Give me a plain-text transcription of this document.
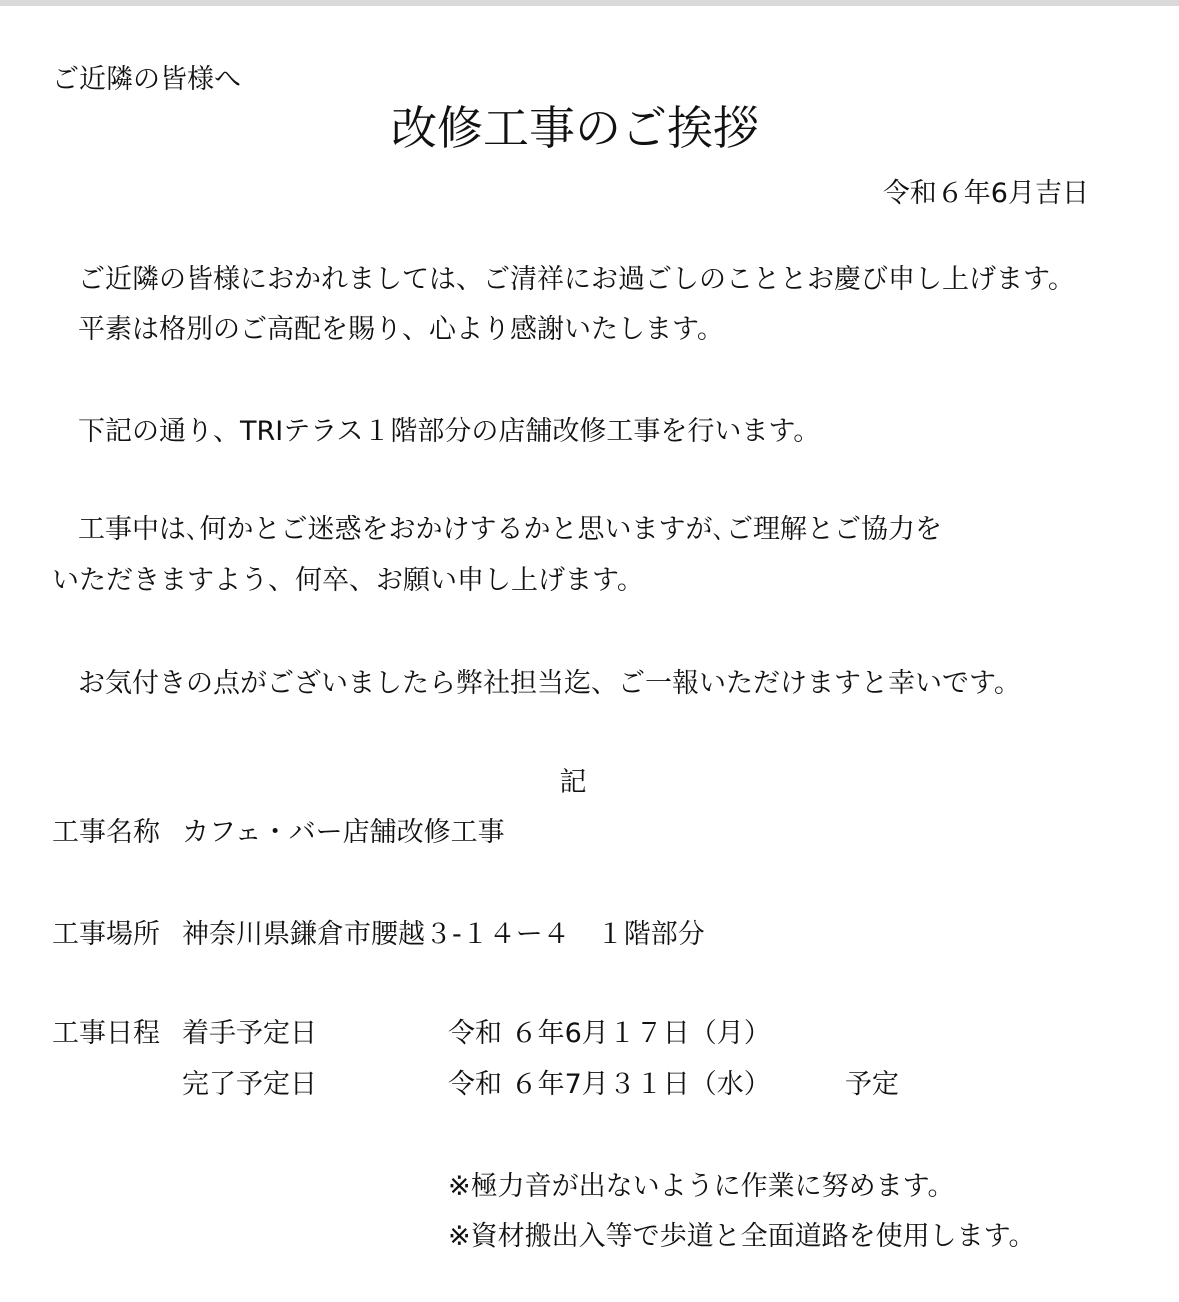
ご近隣の皆様へ
改修工事のご挨拶
令和６年6月吉日
ご近隣の皆様におかれましては、ご清祥にお過ごしのこととお慶び申し上げます。
平素は格別のご高配を賜り、心より感謝いたします。
下記の通り、TRIテラス１階部分の店舗改修工事を行います。
工事中は､何かとご迷惑をおかけするかと思いますが､ご理解とご協力を
いただきますよう、何卒、お願い申し上げます。
お気付きの点がございましたら弊社担当迄、ご一報いただけますと幸いです。
記
工事名称 カフェ・バー店舗改修工事
工事場所 神奈川県鎌倉市腰越３-１４ー４　１階部分
工事日程 着手予定日	令和 ６年6月１７日（月）
完了予定日	令和 ６年7月３１日（水）	予定
※極力音が出ないように作業に努めます。
※資材搬出入等で歩道と全面道路を使用します。
